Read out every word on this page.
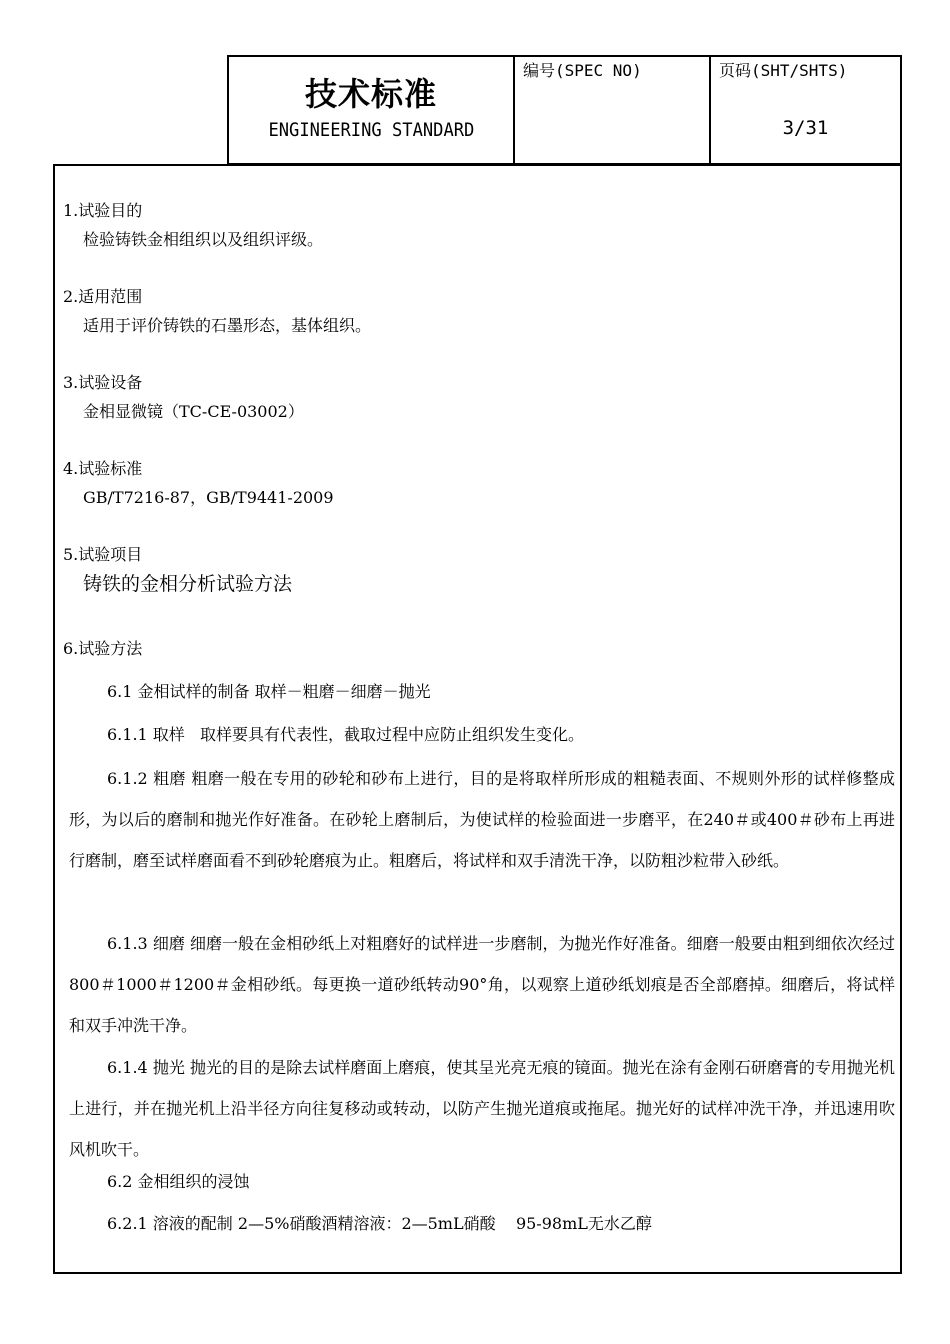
技术标准
ENGINEERING STANDARD
编号(SPEC NO)	页码(SHT/SHTS)
3/31
1.试验目的
检验铸铁金相组织以及组织评级。
2.适用范围
适用于评价铸铁的石墨形态，基体组织。
3.试验设备
金相显微镜（TC-CE-03002）
4.试验标准
GB/T7216-87，GB/T9441-2009
5.试验项目
铸铁的金相分析试验方法
6.试验方法
6.1 金相试样的制备 取样－粗磨－细磨－抛光
6.1.1 取样   取样要具有代表性，截取过程中应防止组织发生变化。
6.1.2 粗磨 粗磨一般在专用的砂轮和砂布上进行，目的是将取样所形成的粗糙表面、不规则外形的试样修整成形，为以后的磨制和抛光作好准备。在砂轮上磨制后，为使试样的检验面进一步磨平，在240＃或400＃砂布上再进行磨制，磨至试样磨面看不到砂轮磨痕为止。粗磨后，将试样和双手清洗干净，以防粗沙粒带入砂纸。
6.1.3 细磨 细磨一般在金相砂纸上对粗磨好的试样进一步磨制，为抛光作好准备。细磨一般要由粗到细依次经过800＃1000＃1200＃金相砂纸。每更换一道砂纸转动90°角，以观察上道砂纸划痕是否全部磨掉。细磨后，将试样和双手冲洗干净。
6.1.4 抛光 抛光的目的是除去试样磨面上磨痕，使其呈光亮无痕的镜面。抛光在涂有金刚石研磨膏的专用抛光机上进行，并在抛光机上沿半径方向往复移动或转动，以防产生抛光道痕或拖尾。抛光好的试样冲洗干净，并迅速用吹风机吹干。
6.2 金相组织的浸蚀
6.2.1 溶液的配制 2—5%硝酸酒精溶液：2—5mL硝酸    95-98mL无水乙醇
